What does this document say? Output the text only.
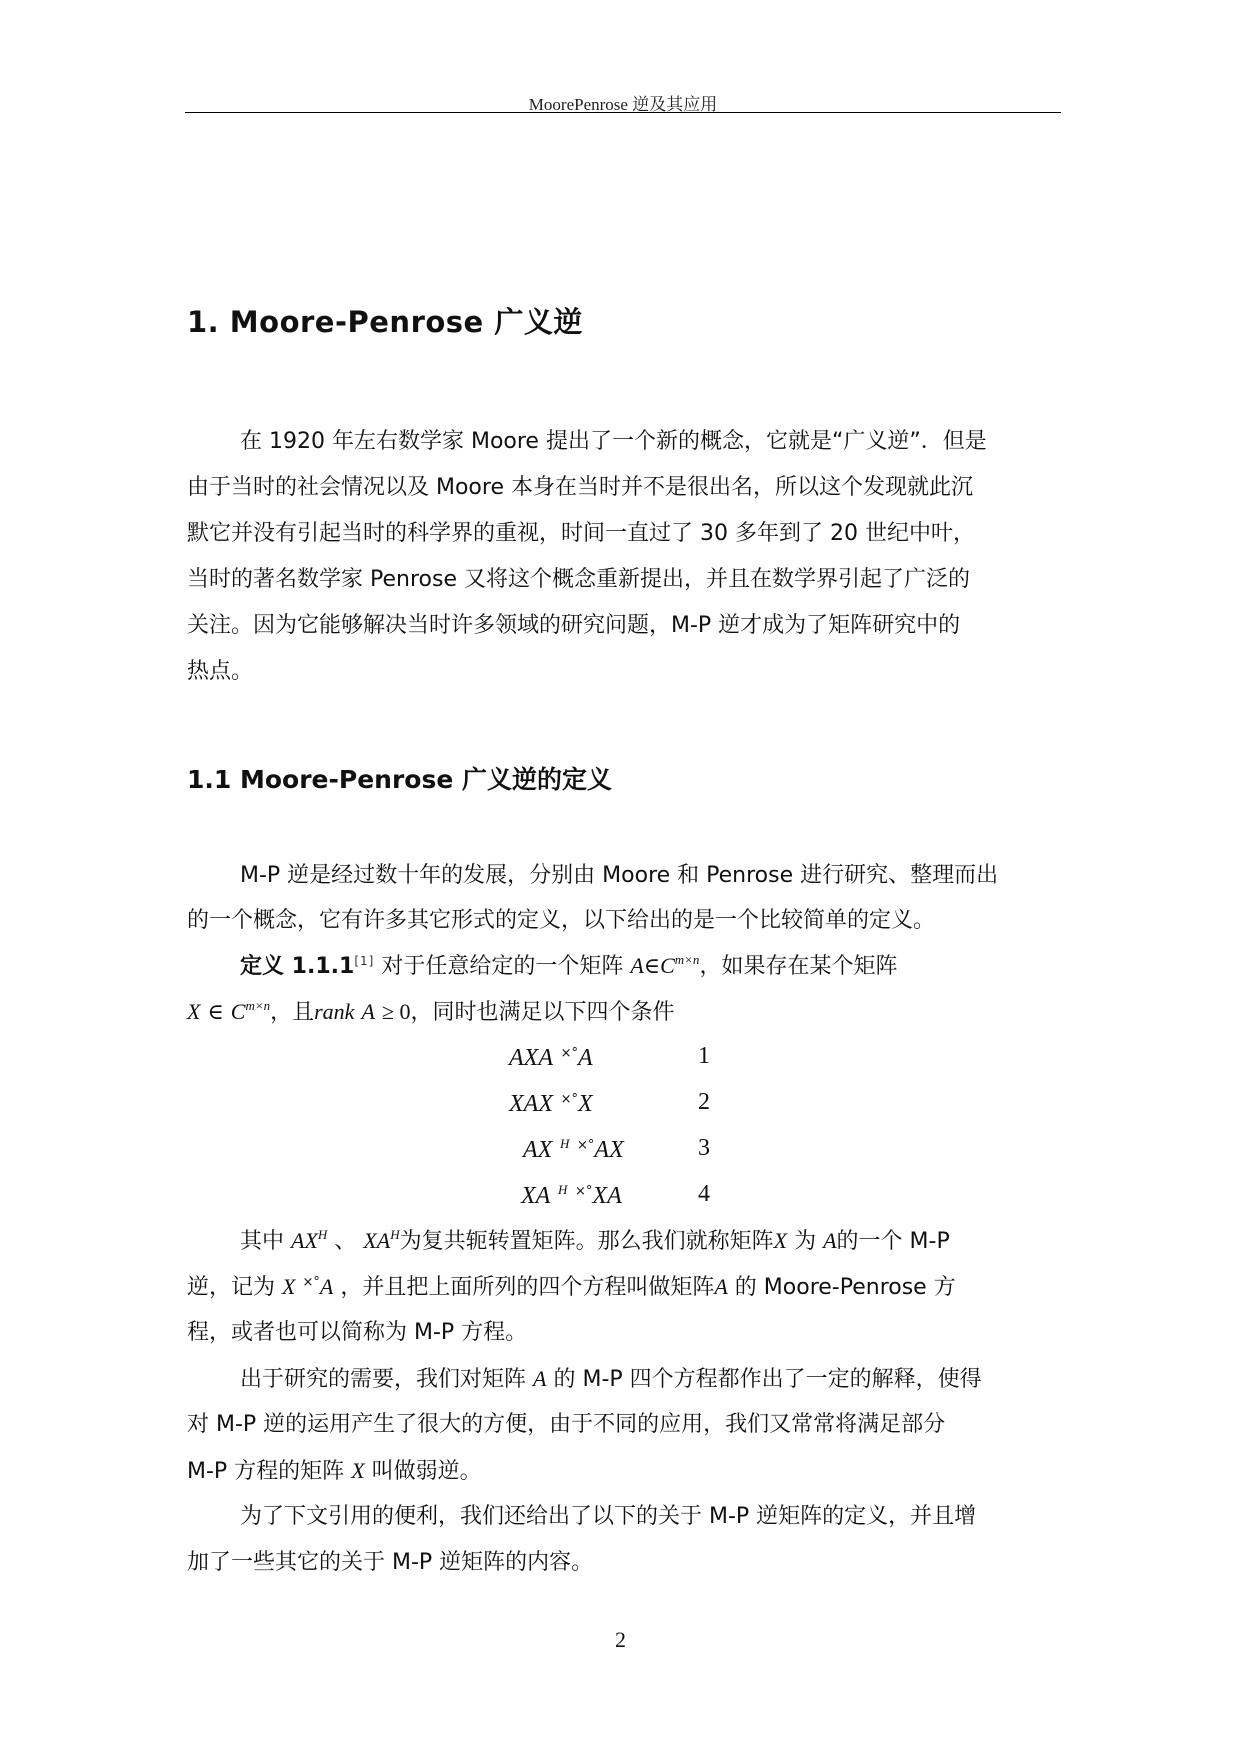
MoorePenrose 逆及其应用
1. Moore-Penrose 广义逆
在 1920 年左右数学家 Moore 提出了一个新的概念，它就是“广义逆”．但是
由于当时的社会情况以及 Moore 本身在当时并不是很出名，所以这个发现就此沉
默它并没有引起当时的科学界的重视，时间一直过了 30 多年到了 20 世纪中叶，
当时的著名数学家 Penrose 又将这个概念重新提出，并且在数学界引起了广泛的
关注。因为它能够解决当时许多领域的研究问题，M-P 逆才成为了矩阵研究中的
热点。
1.1 Moore-Penrose 广义逆的定义
M-P 逆是经过数十年的发展，分别由 Moore 和 Penrose 进行研究、整理而出
的一个概念，它有许多其它形式的定义，以下给出的是一个比较简单的定义。
定义 1.1.1[1] 对于任意给定的一个矩阵 $A\in C^{m\times n}$，如果存在某个矩阵
X ∈ $C^{m\times n}$，且rank A ≥ 0，同时也满足以下四个条件
AXA ×°A	1
XAX ×°X	2
AX $^H$ ×°AX	3
XA $^H$ ×°XA	4
其中 $AX^H$ 、 $XA^H$为复共轭转置矩阵。那么我们就称矩阵X 为 A的一个 M-P
逆，记为 X ×°A ，并且把上面所列的四个方程叫做矩阵A 的 Moore-Penrose 方
程，或者也可以简称为 M-P 方程。
出于研究的需要，我们对矩阵 A 的 M-P 四个方程都作出了一定的解释，使得
对 M-P 逆的运用产生了很大的方便，由于不同的应用，我们又常常将满足部分
M-P 方程的矩阵 X 叫做弱逆。
为了下文引用的便利，我们还给出了以下的关于 M-P 逆矩阵的定义，并且增
加了一些其它的关于 M-P 逆矩阵的内容。
2
